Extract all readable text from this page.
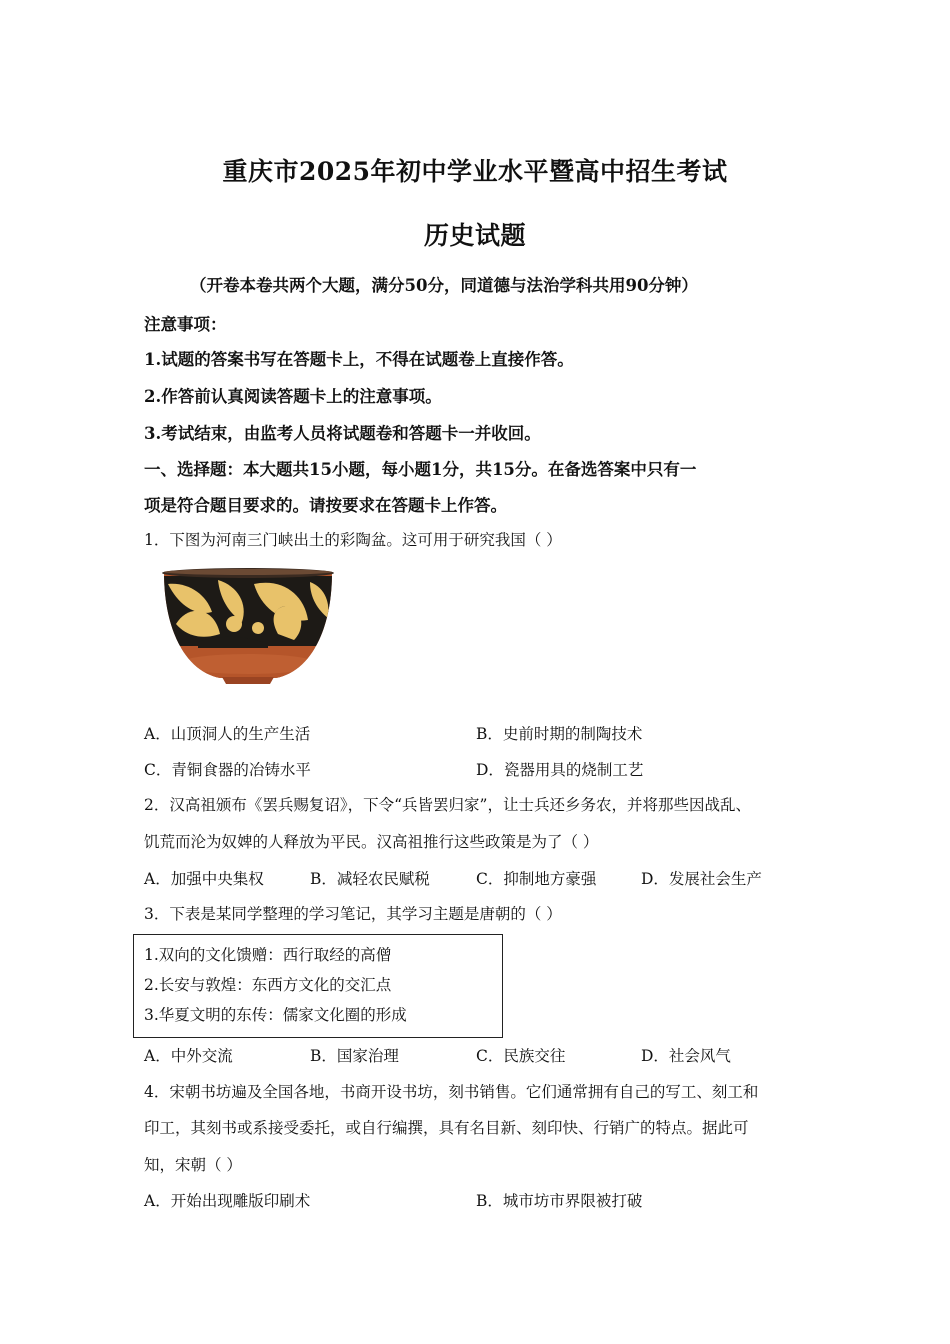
重庆市2025年初中学业水平暨高中招生考试
历史试题
（开卷本卷共两个大题，满分50分，同道德与法治学科共用90分钟）
注意事项：
1.试题的答案书写在答题卡上，不得在试题卷上直接作答。
2.作答前认真阅读答题卡上的注意事项。
3.考试结束，由监考人员将试题卷和答题卡一并收回。
一、选择题：本大题共15小题，每小题1分，共15分。在备选答案中只有一
项是符合题目要求的。请按要求在答题卡上作答。
1．下图为河南三门峡出土的彩陶盆。这可用于研究我国（ ）
A．山顶洞人的生产生活	B．史前时期的制陶技术
C．青铜食器的冶铸水平	D．瓷器用具的烧制工艺
2．汉高祖颁布《罢兵赐复诏》，下令“兵皆罢归家”，让士兵还乡务农，并将那些因战乱、
饥荒而沦为奴婢的人释放为平民。汉高祖推行这些政策是为了（ ）
A．加强中央集权	B．减轻农民赋税	C．抑制地方豪强	D．发展社会生产
3．下表是某同学整理的学习笔记，其学习主题是唐朝的（ ）
1.双向的文化馈赠：西行取经的高僧
2.长安与敦煌：东西方文化的交汇点
3.华夏文明的东传：儒家文化圈的形成
A．中外交流	B．国家治理	C．民族交往	D．社会风气
4．宋朝书坊遍及全国各地，书商开设书坊，刻书销售。它们通常拥有自己的写工、刻工和
印工，其刻书或系接受委托，或自行编撰，具有名目新、刻印快、行销广的特点。据此可
知，宋朝（ ）
A．开始出现雕版印刷术	B．城市坊市界限被打破
